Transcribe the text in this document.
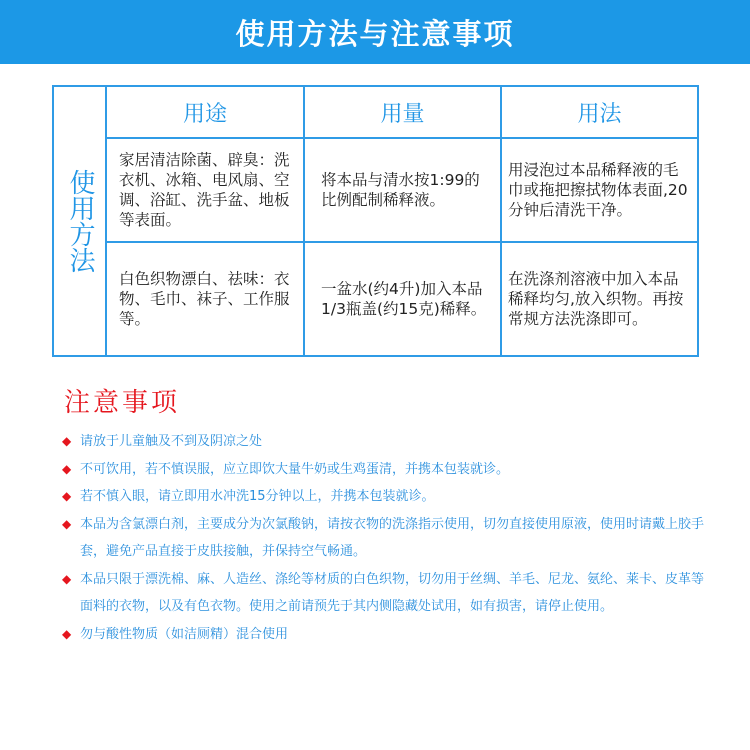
使用方法与注意事项
使用方法	用途	用量	用法
	家居清洁除菌、辟臭：洗衣机、冰箱、电风扇、空调、浴缸、洗手盆、地板等表面。	将本品与清水按1:99的比例配制稀释液。	用浸泡过本品稀释液的毛巾或拖把擦拭物体表面,20分钟后清洗干净。
	白色织物漂白、祛味：衣物、毛巾、袜子、工作服等。	一盆水(约4升)加入本品1/3瓶盖(约15克)稀释。	在洗涤剂溶液中加入本品稀释均匀,放入织物。再按常规方法洗涤即可。
注意事项
◆ 请放于儿童触及不到及阴凉之处
◆ 不可饮用，若不慎误服，应立即饮大量牛奶或生鸡蛋清，并携本包装就诊。
◆ 若不慎入眼，请立即用水冲洗15分钟以上，并携本包装就诊。
◆ 本品为含氯漂白剂，主要成分为次氯酸钠，请按衣物的洗涤指示使用，切勿直接使用原液，使用时请戴上胶手套，避免产品直接于皮肤接触，并保持空气畅通。
◆ 本品只限于漂洗棉、麻、人造丝、涤纶等材质的白色织物，切勿用于丝绸、羊毛、尼龙、氨纶、莱卡、皮革等面料的衣物，以及有色衣物。使用之前请预先于其内侧隐藏处试用，如有损害，请停止使用。
◆ 勿与酸性物质（如洁厕精）混合使用
